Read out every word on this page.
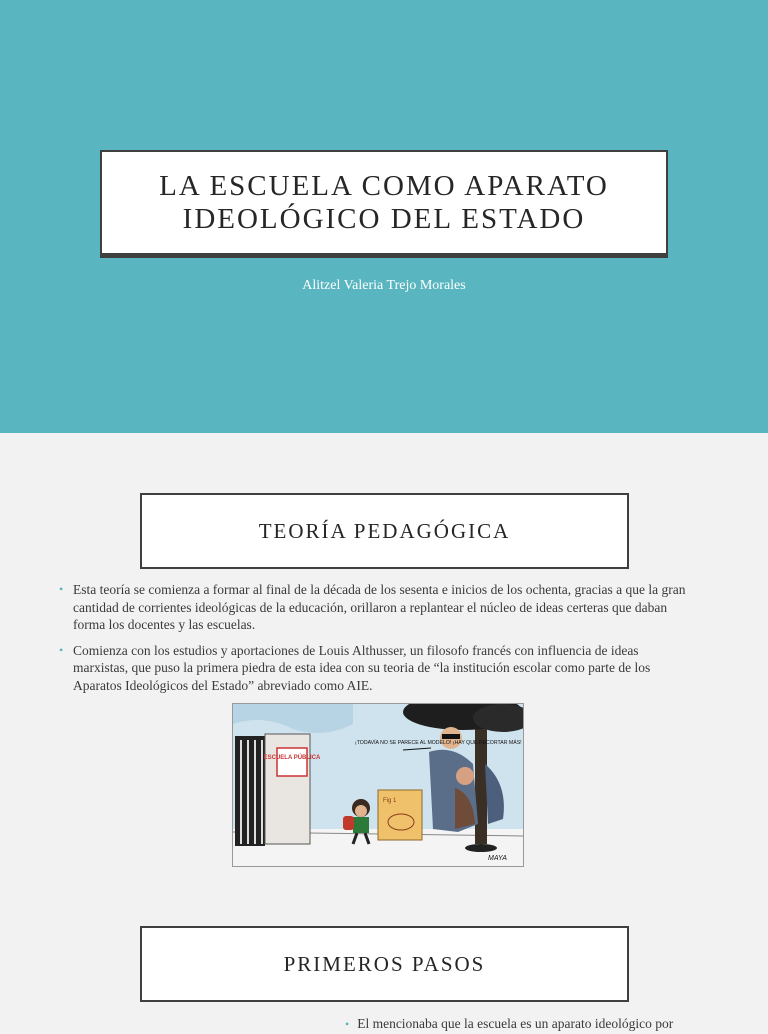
LA ESCUELA COMO APARATO
IDEOLÓGICO DEL ESTADO
Alitzel Valeria Trejo Morales
TEORÍA PEDAGÓGICA
• Esta teoría se comienza a formar al final de la década de los sesenta e inicios de los ochenta, gracias a que la gran cantidad de corrientes ideológicas de la educación, orillaron a replantear el núcleo de ideas certeras que daban forma los docentes y las escuelas.
• Comienza con los estudios y aportaciones de Louis Althusser, un filosofo francés con influencia de ideas marxistas, que puso la primera piedra de esta idea con su teoria de “la institución escolar como parte de los Aparatos Ideológicos del Estado” abreviado como AIE.
ESCUELA PÚBLICA
¡TODAVÍA NO SE PARECE AL MODELO! ¡HAY QUE RECORTAR MÁS!
Fig 1
MAYA
PRIMEROS PASOS
• El mencionaba que la escuela es un aparato ideológico por
